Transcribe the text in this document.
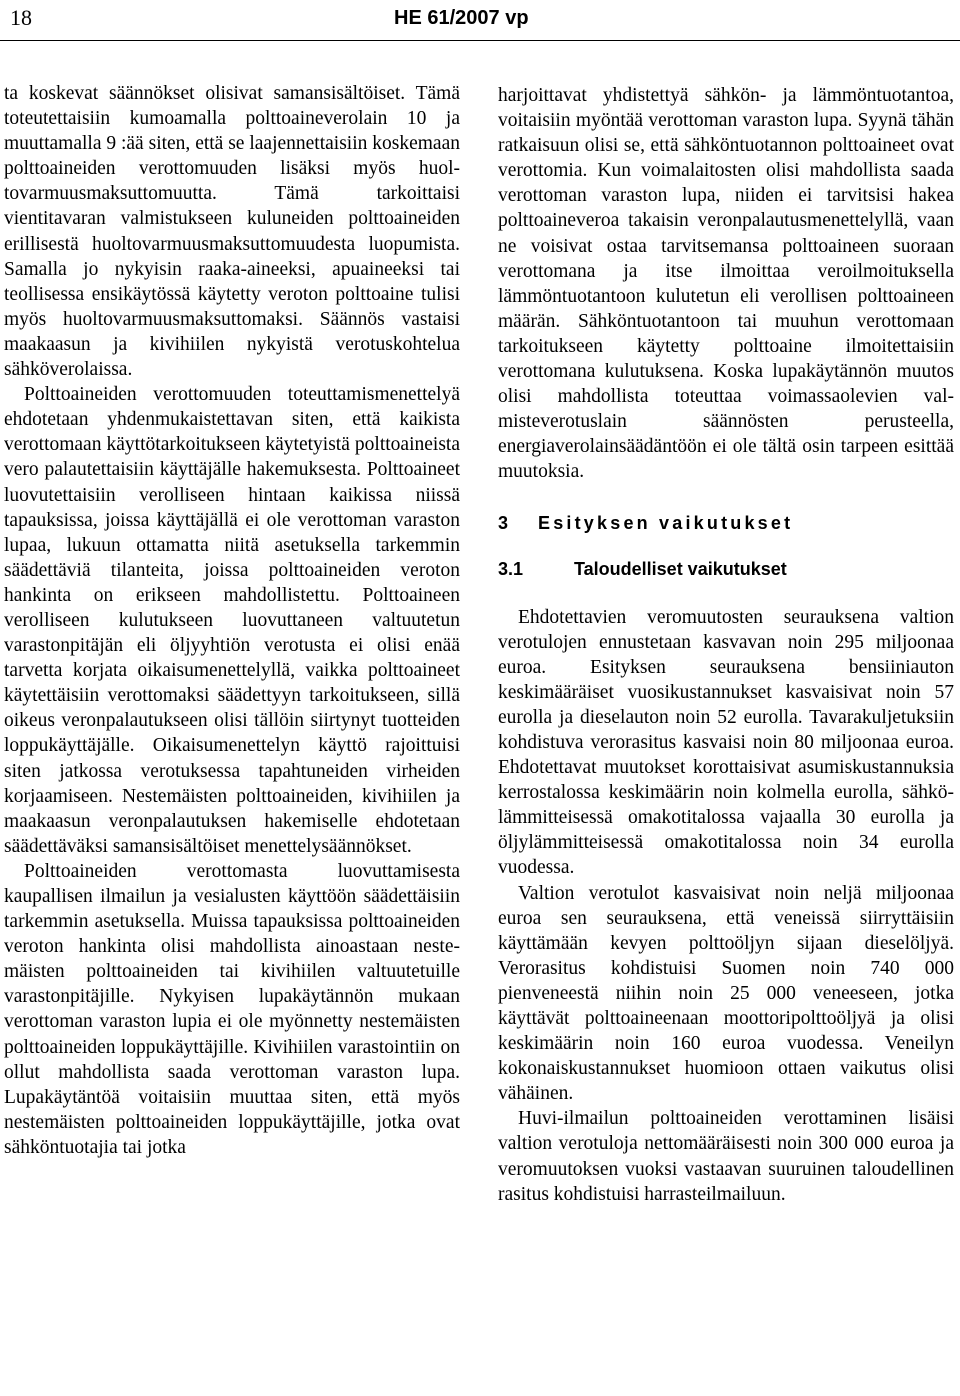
18	HE 61/2007 vp

ta koskevat säännökset olisivat samansisältöiset. Tämä toteutettaisiin kumoamalla polttoaineverolain 10 ja muuttamalla 9 :ää siten, että se laajennettaisiin koskemaan polttoaineiden verottomuuden lisäksi myös huoltovarmuusmaksuttomuutta. Tämä tarkoittaisi vientitavaran valmistukseen kuluneiden polttoaineiden erillisestä huoltovarmuusmaksuttomuudesta luopumista. Samalla jo nykyisin raaka-aineeksi, apuaineeksi tai teollisessa ensikäytössä käytetty veroton polttoaine tulisi myös huoltovarmuusmaksuttomaksi. Säännös vastaisi maakaasun ja kivihiilen nykyistä verotuskohtelua sähköverolaissa.

Polttoaineiden verottomuuden toteuttamismenettelyä ehdotetaan yhdenmukaistettavan siten, että kaikista verottomaan käyttötarkoitukseen käytetyistä polttoaineista vero palautettaisiin käyttäjälle hakemuksesta. Polttoaineet luovutettaisiin verolliseen hintaan kaikissa niissä tapauksissa, joissa käyttäjällä ei ole verottoman varaston lupaa, lukuun ottamatta niitä asetuksella tarkemmin säädettäviä tilanteita, joissa polttoaineiden veroton hankinta on erikseen mahdollistettu. Polttoaineen verolliseen kulutukseen luovuttaneen valtuutetun varastonpitäjän eli öljyyhtiön verotusta ei olisi enää tarvetta korjata oikaisumenettelyllä, vaikka polttoaineet käytettäisiin verottomaksi säädettyyn tarkoitukseen, sillä oikeus veronpalautukseen olisi tällöin siirtynyt tuotteiden loppukäyttäjälle. Oikaisumenettelyn käyttö rajoittuisi siten jatkossa verotuksessa tapahtuneiden virheiden korjaamiseen. Nestemäisten polttoaineiden, kivihiilen ja maakaasun veronpalautuksen hakemiselle ehdotetaan säädettäväksi samansisältöiset menettelysäännökset.

Polttoaineiden verottomasta luovuttamisesta kaupallisen ilmailun ja vesialusten käyttöön säädettäisiin tarkemmin asetuksella. Muissa tapauksissa polttoaineiden veroton hankinta olisi mahdollista ainoastaan nestemäisten polttoaineiden tai kivihiilen valtuutetuille varastonpitäjille. Nykyisen lupakäytännön mukaan verottoman varaston lupia ei ole myönnetty nestemäisten polttoaineiden loppukäyttäjille. Kivihiilen varastointiin on ollut mahdollista saada verottoman varaston lupa. Lupakäytäntöä voitaisiin muuttaa siten, että myös nestemäisten polttoaineiden loppukäyttäjille, jotka ovat sähköntuotajia tai jotka

harjoittavat yhdistettyä sähkön- ja lämmöntuotantoa, voitaisiin myöntää verottoman varaston lupa. Syynä tähän ratkaisuun olisi se, että sähköntuotannon polttoaineet ovat verottomia. Kun voimalaitosten olisi mahdollista saada verottoman varaston lupa, niiden ei tarvitsisi hakea polttoaineveroa takaisin veronpalautusmenettelyllä, vaan ne voisivat ostaa tarvitsemansa polttoaineen suoraan verottomana ja itse ilmoittaa veroilmoituksella lämmöntuotantoon kulutetun eli verollisen polttoaineen määrän. Sähköntuotantoon tai muuhun verottomaan tarkoitukseen käytetty polttoaine ilmoitettaisiin verottomana kulutuksena. Koska lupakäytännön muutos olisi mahdollista toteuttaa voimassaolevien valmisteverotuslain säännösten perusteella, energiaverolainsäädäntöön ei ole tältä osin tarpeen esittää muutoksia.

3	Esityksen vaikutukset
3.1	Taloudelliset vaikutukset

Ehdotettavien veromuutosten seurauksena valtion verotulojen ennustetaan kasvavan noin 295 miljoonaa euroa. Esityksen seurauksena bensiiniauton keskimääräiset vuosikustannukset kasvaisivat noin 57 eurolla ja dieselauton noin 52 eurolla. Tavarakuljetuksiin kohdistuva verorasitus kasvaisi noin 80 miljoonaa euroa. Ehdotettavat muutokset korottaisivat asumiskustannuksia kerrostalossa keskimäärin noin kolmella eurolla, sähkölämmitteisessä omakotitalossa vajaalla 30 eurolla ja öljylämmitteisessä omakotitalossa noin 34 eurolla vuodessa.

Valtion verotulot kasvaisivat noin neljä miljoonaa euroa sen seurauksena, että veneissä siirryttäisiin käyttämään kevyen polttoöljyn sijaan dieselöljyä. Verorasitus kohdistuisi Suomen noin 740 000 pienveneestä niihin noin 25 000 veneeseen, jotka käyttävät polttoaineenaan moottoripolttoöljyä ja olisi keskimäärin noin 160 euroa vuodessa. Veneilyn kokonaiskustannukset huomioon ottaen vaikutus olisi vähäinen.

Huvi-ilmailun polttoaineiden verottaminen lisäisi valtion verotuloja nettomääräisesti noin 300 000 euroa ja veromuutoksen vuoksi vastaavan suuruinen taloudellinen rasitus kohdistuisi harrasteilmailuun.
